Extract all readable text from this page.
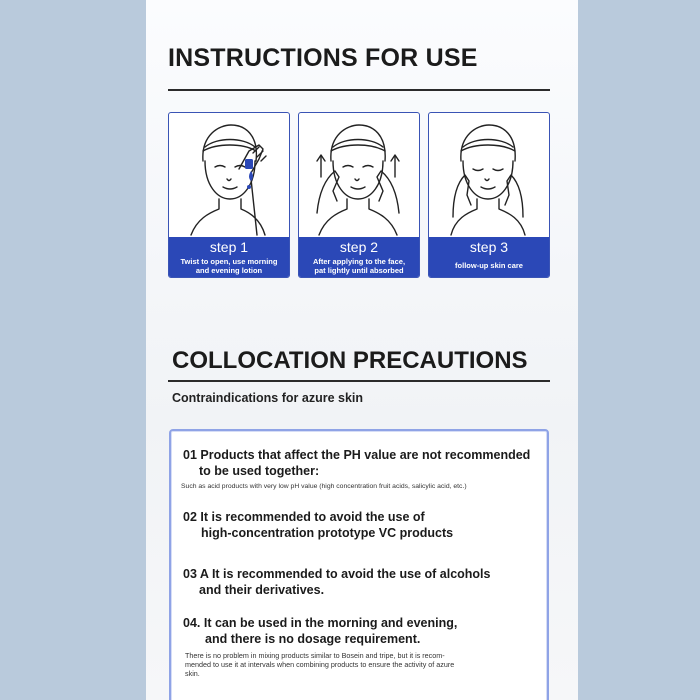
INSTRUCTIONS FOR USE
step 1
Twist to open, use morning
and evening lotion
step 2
After applying to the face,
pat lightly until absorbed
step 3
follow-up skin care
COLLOCATION PRECAUTIONS
Contraindications for azure skin
01 Products that affect the PH value are not recommended
to be used together:
Such as acid products with very low pH value (high concentration fruit acids, salicylic acid, etc.)
02 It is recommended to avoid the use of
high-concentration prototype VC products
03 A It is recommended to avoid the use of alcohols
and their derivatives.
04. It can be used in the morning and evening,
and there is no dosage requirement.
There is no problem in mixing products similar to Bosein and tripe, but it is recom-
mended to use it at intervals when combining products to ensure the activity of azure
skin.
